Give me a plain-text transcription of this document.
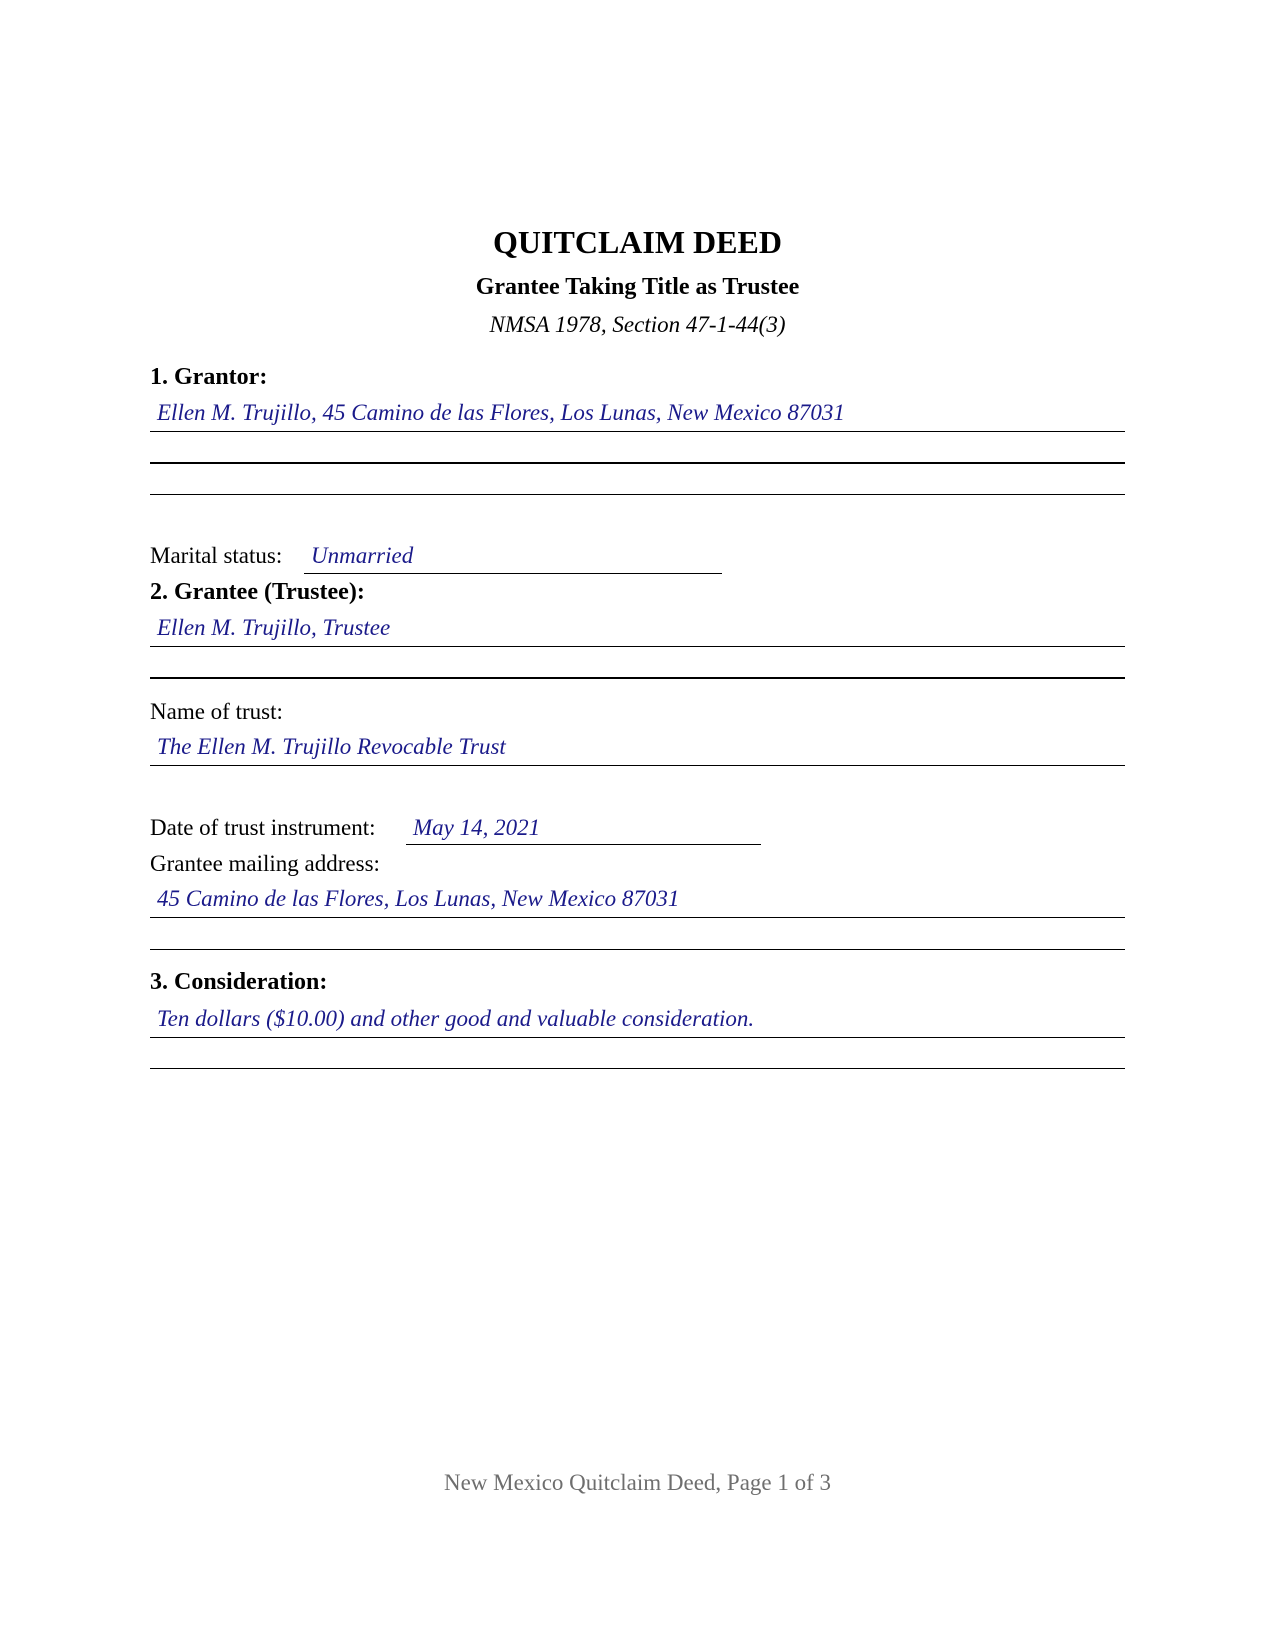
QUITCLAIM DEED
Grantee Taking Title as Trustee
NMSA 1978, Section 47-1-44(3)
1. Grantor:
Ellen M. Trujillo, 45 Camino de las Flores, Los Lunas, New Mexico 87031
Marital status: Unmarried
2. Grantee (Trustee):
Ellen M. Trujillo, Trustee
Name of trust:
The Ellen M. Trujillo Revocable Trust
Date of trust instrument: May 14, 2021
Grantee mailing address:
45 Camino de las Flores, Los Lunas, New Mexico 87031
3. Consideration:
Ten dollars ($10.00) and other good and valuable consideration.
New Mexico Quitclaim Deed, Page 1 of 3
